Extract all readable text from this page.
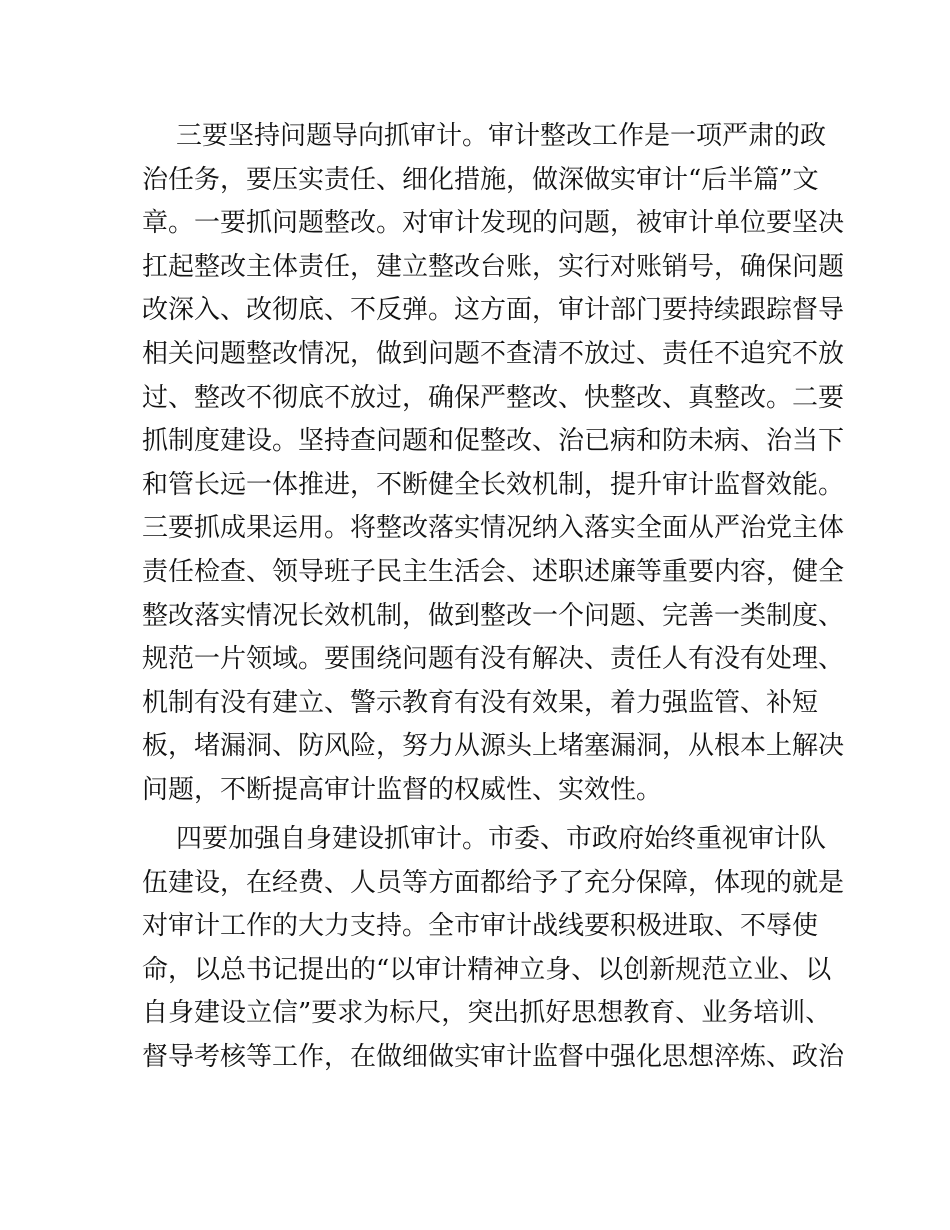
三要坚持问题导向抓审计。审计整改工作是一项严肃的政
治任务，要压实责任、细化措施，做深做实审计“后半篇”文
章。一要抓问题整改。对审计发现的问题，被审计单位要坚决
扛起整改主体责任，建立整改台账，实行对账销号，确保问题
改深入、改彻底、不反弹。这方面，审计部门要持续跟踪督导
相关问题整改情况，做到问题不查清不放过、责任不追究不放
过、整改不彻底不放过，确保严整改、快整改、真整改。二要
抓制度建设。坚持查问题和促整改、治已病和防未病、治当下
和管长远一体推进，不断健全长效机制，提升审计监督效能。
三要抓成果运用。将整改落实情况纳入落实全面从严治党主体
责任检查、领导班子民主生活会、述职述廉等重要内容，健全
整改落实情况长效机制，做到整改一个问题、完善一类制度、
规范一片领域。要围绕问题有没有解决、责任人有没有处理、
机制有没有建立、警示教育有没有效果，着力强监管、补短
板，堵漏洞、防风险，努力从源头上堵塞漏洞，从根本上解决
问题，不断提高审计监督的权威性、实效性。
四要加强自身建设抓审计。市委、市政府始终重视审计队
伍建设，在经费、人员等方面都给予了充分保障，体现的就是
对审计工作的大力支持。全市审计战线要积极进取、不辱使
命，以总书记提出的“以审计精神立身、以创新规范立业、以
自身建设立信”要求为标尺，突出抓好思想教育、业务培训、
督导考核等工作，在做细做实审计监督中强化思想淬炼、政治
